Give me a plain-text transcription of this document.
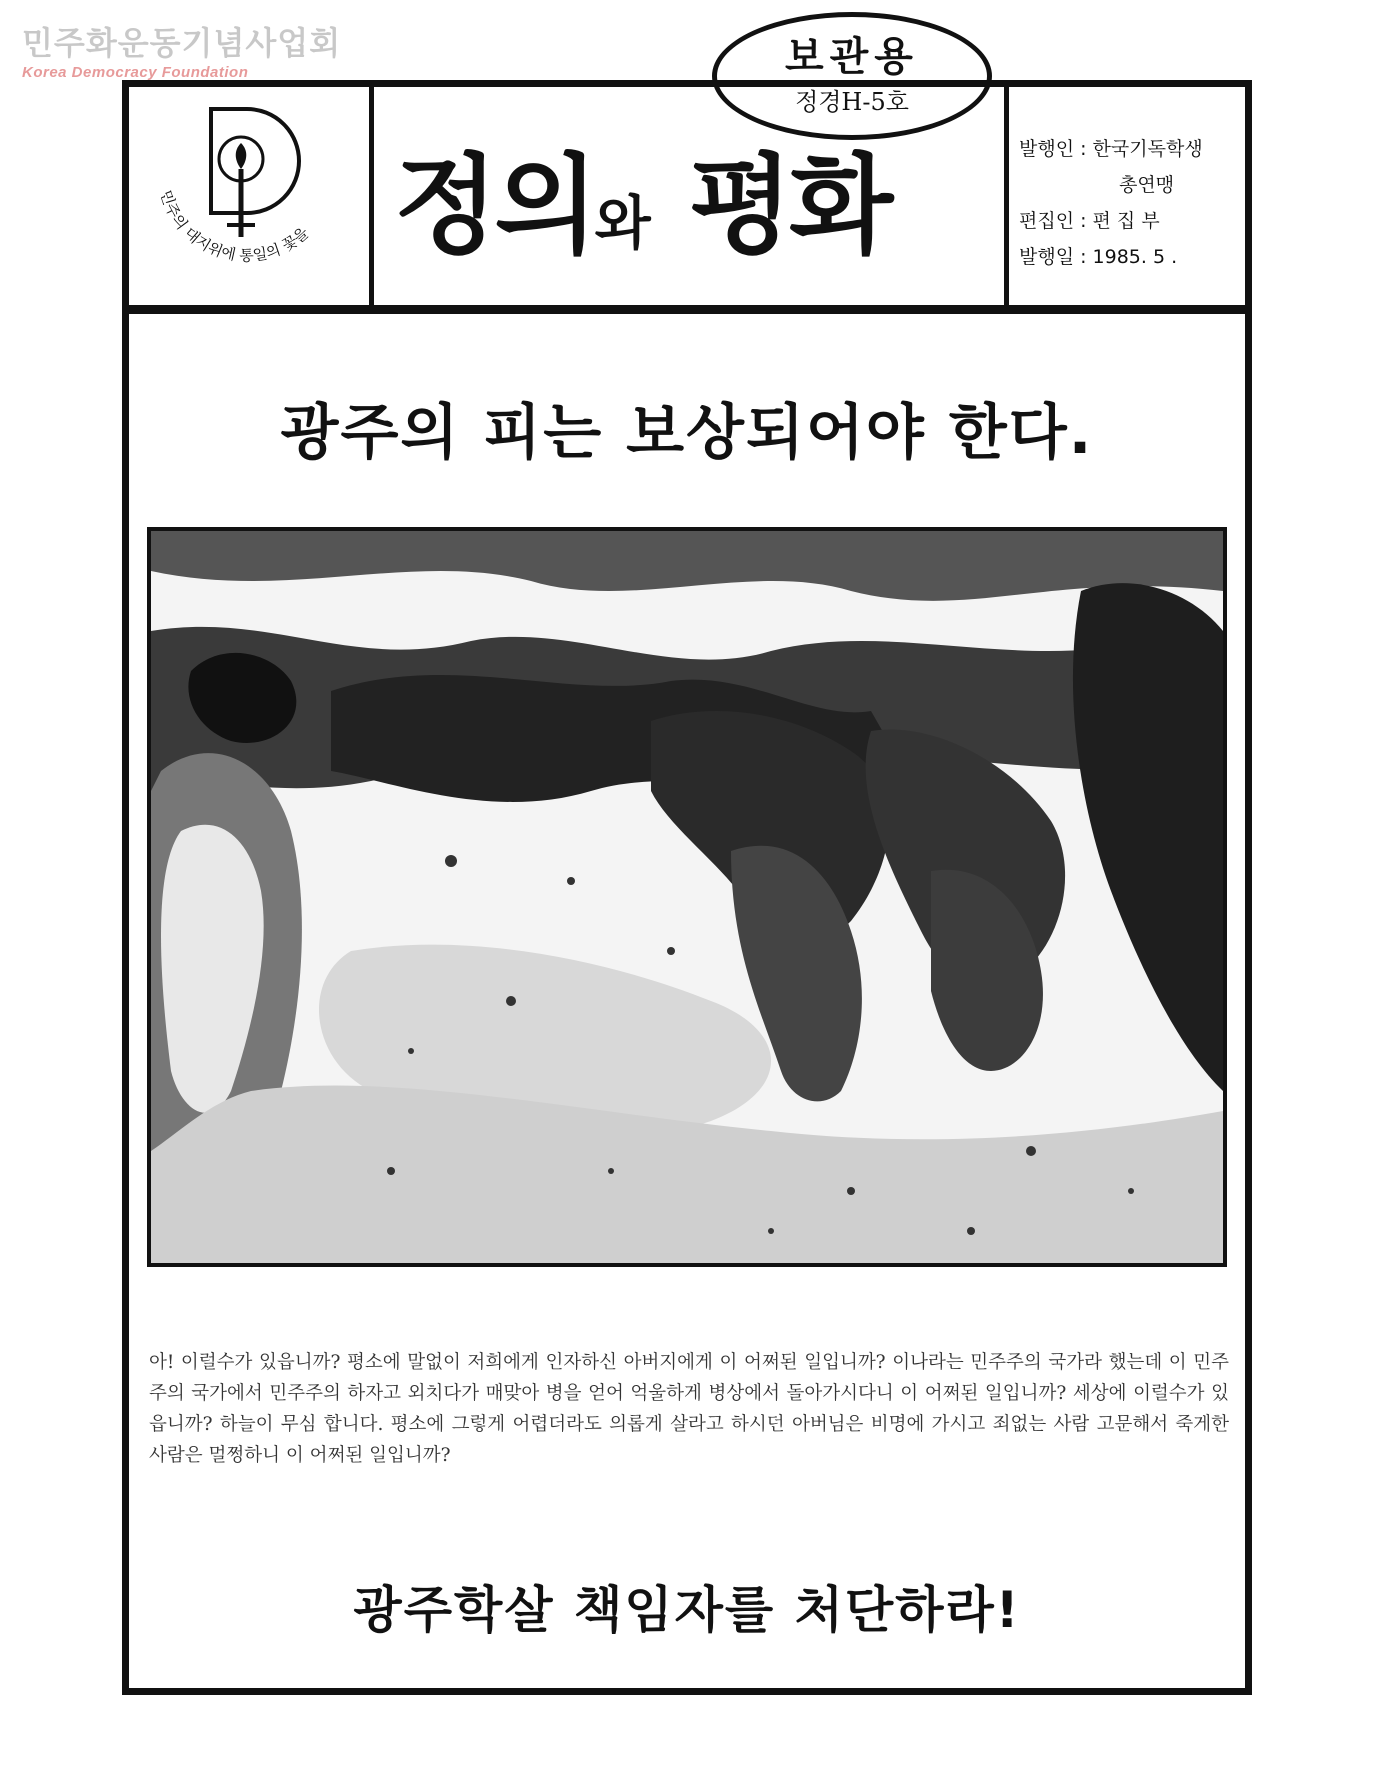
민주화운동기념사업회
Korea Democracy Foundation	보관용
정경H-5호
민주의 대지위에 통일의 꽃을 정의와 평화	발행인 : 한국기독학생
총연맹
편집인 : 편 집 부
발행일 : 1985. 5 .
광주의 피는 보상되어야 한다.
아! 이럴수가 있읍니까? 평소에 말없이 저희에게 인자하신 아버지에게 이 어쩌된 일입니까? 이나라는 민주주의 국가라 했는데 이 민주주의 국가에서 민주주의 하자고 외치다가 매맞아 병을 얻어 억울하게 병상에서 돌아가시다니 이 어쩌된 일입니까? 세상에 이럴수가 있읍니까? 하늘이 무심 합니다. 평소에 그렇게 어렵더라도 의롭게 살라고 하시던 아버님은 비명에 가시고 죄없는 사람 고문해서 죽게한 사람은 멀쩡하니 이 어쩌된 일입니까?
광주학살 책임자를 처단하라!
